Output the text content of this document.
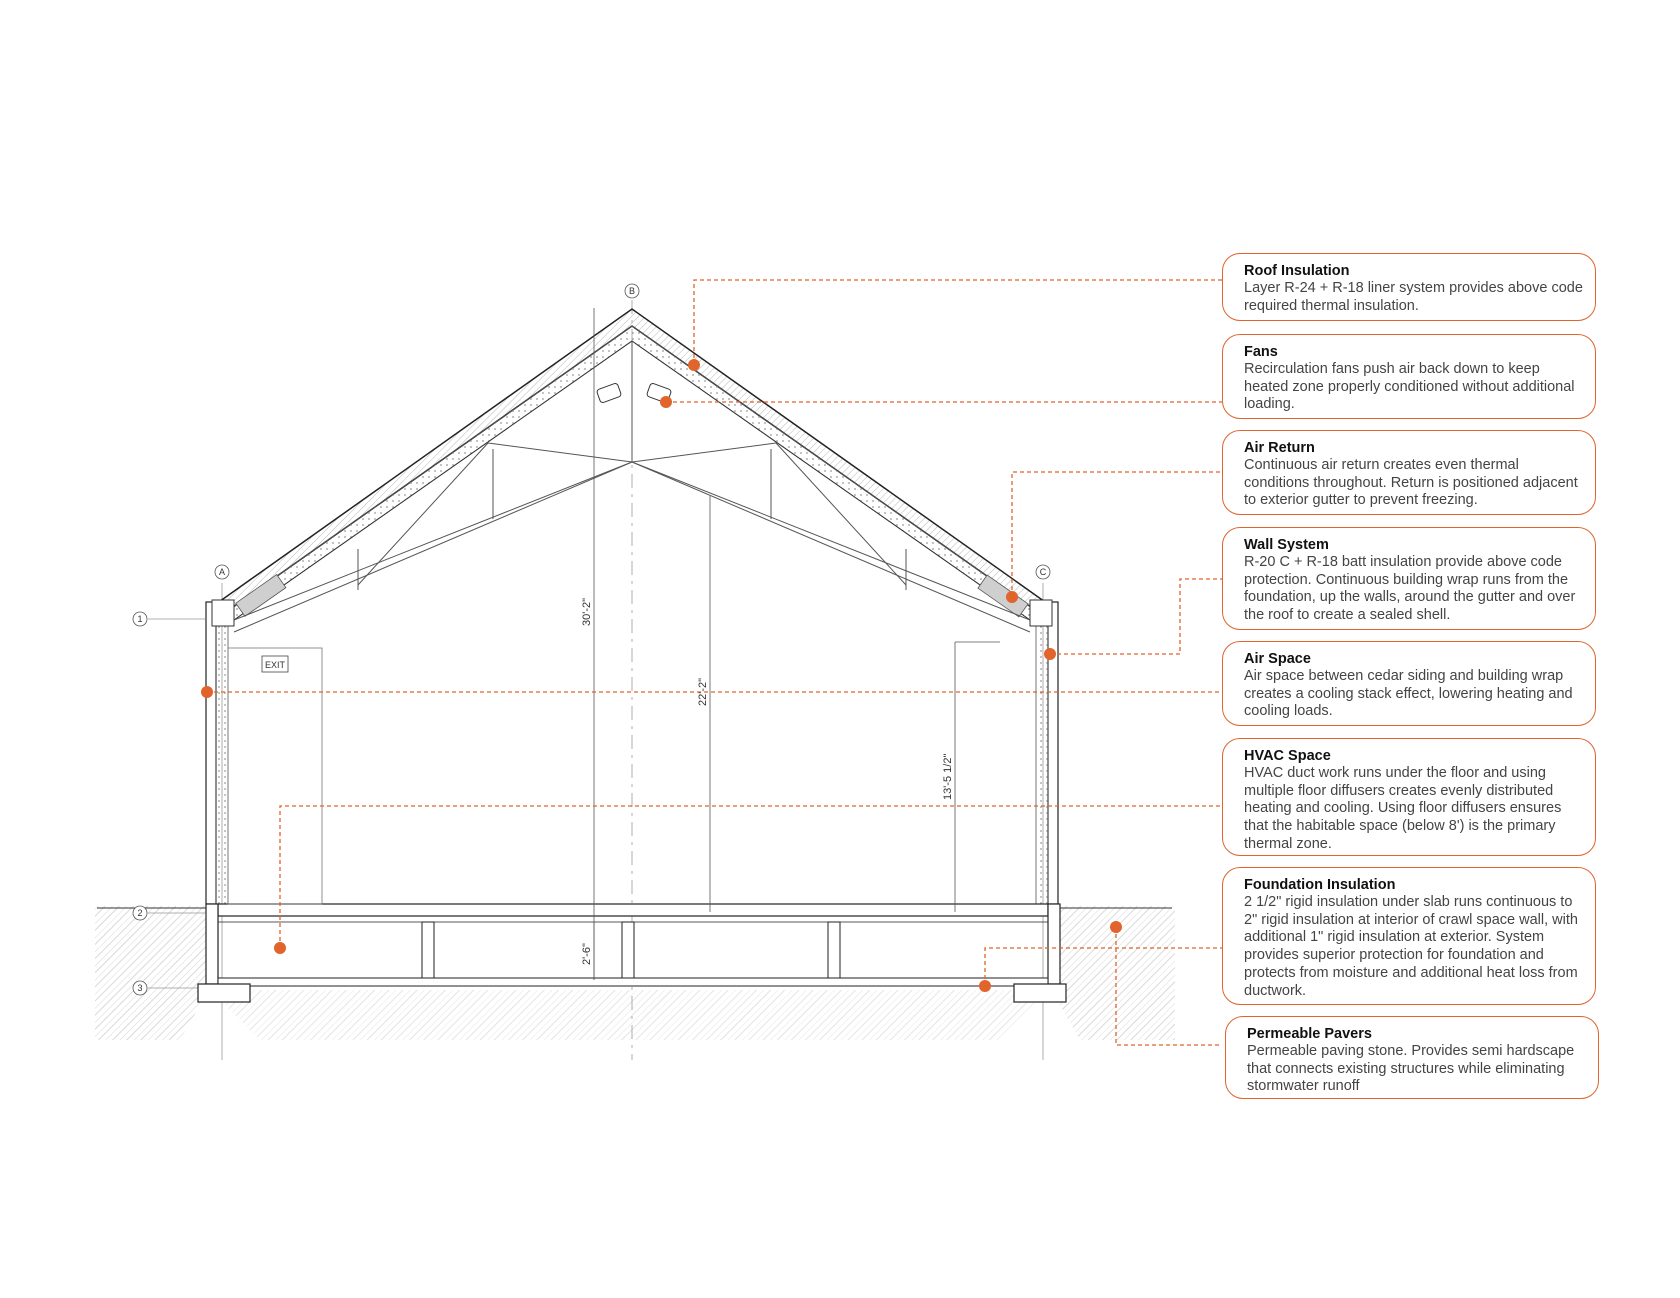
EXIT
30'-2"
22'-2"
13'-5 1/2"
2'-6"
B
A	C
1
2
3
Roof Insulation
Layer R-24 + R-18 liner system provides above code required thermal insulation.
Fans
Recirculation fans push air back down to keep heated zone properly conditioned without additional loading.
Air Return
Continuous air return creates even thermal conditions throughout. Return is positioned adjacent to exterior gutter to prevent freezing.
Wall System
R-20 C + R-18 batt insulation provide above code protection. Continuous building wrap runs from the foundation, up the walls, around the gutter and over the roof to create a sealed shell.
Air Space
Air space between cedar siding and building wrap creates a cooling stack effect, lowering heating and cooling loads.
HVAC Space
HVAC duct work runs under the floor and using multiple floor diffusers creates evenly distributed heating and cooling. Using floor diffusers ensures that the habitable space (below 8') is the primary thermal zone.
Foundation Insulation
2 1/2" rigid insulation under slab runs continuous to 2" rigid insulation at interior of crawl space wall, with additional 1" rigid insulation at exterior. System provides superior protection for foundation and protects from moisture and additional heat loss from ductwork.
Permeable Pavers
Permeable paving stone. Provides semi hardscape that connects existing structures while eliminating stormwater runoff
